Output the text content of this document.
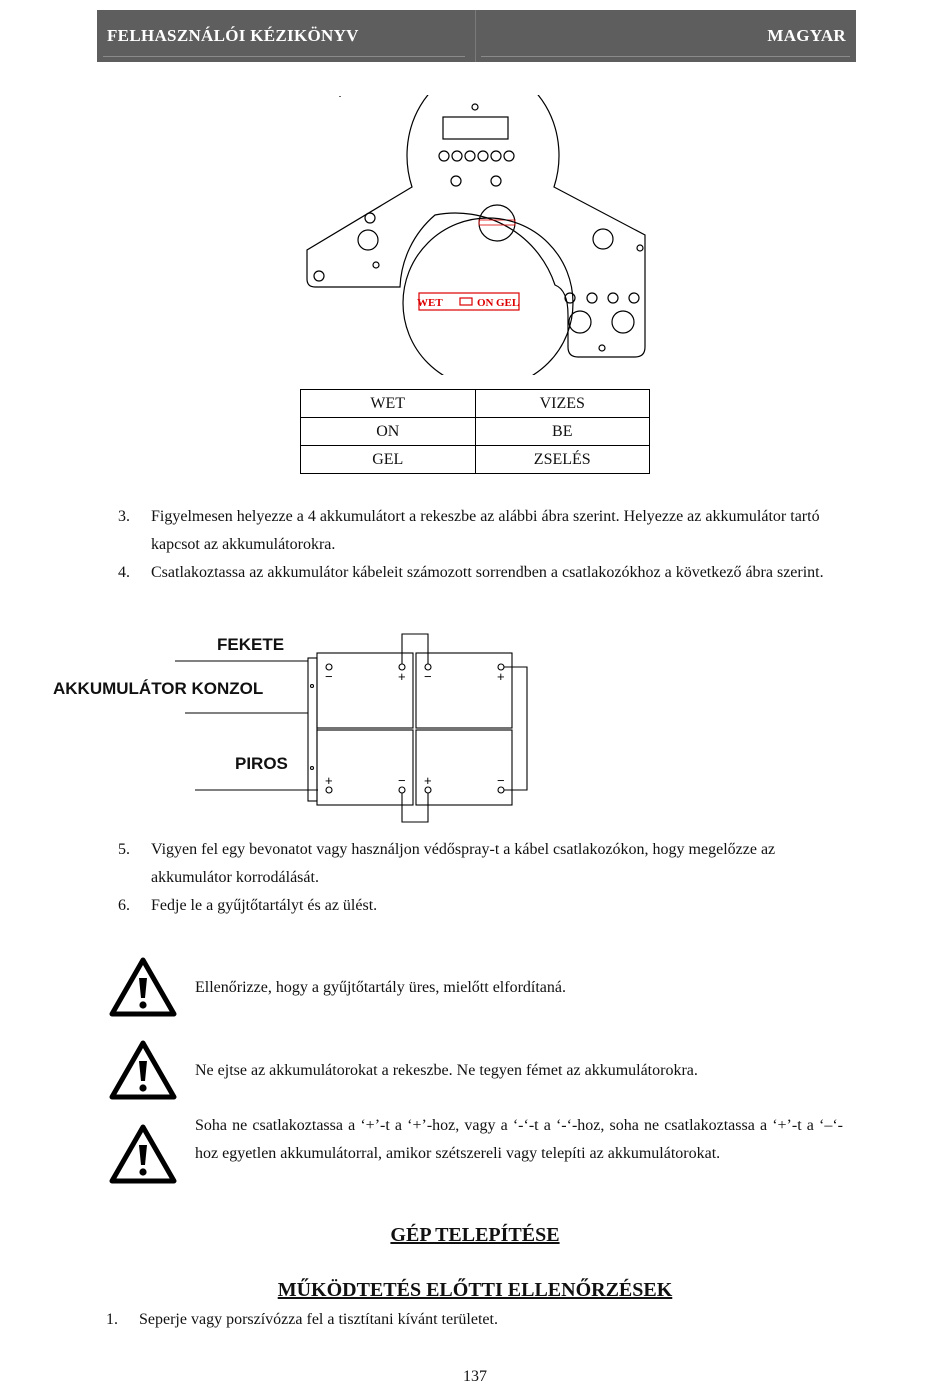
FELHASZNÁLÓI KÉZIKÖNYV	MAGYAR
WET	ON GEL
WET	VIZES
ON	BE
GEL	ZSELÉS
3. Figyelmesen helyezze a 4 akkumulátort a rekeszbe az alábbi ábra szerint. Helyezze az akkumulátor tartó kapcsot az akkumulátorokra.
4. Csatlakoztassa az akkumulátor kábeleit számozott sorrendben a csatlakozókhoz a következő ábra szerint.
FEKETE
AKKUMULÁTOR KONZOL
PIROS
−	+ −	+
+	− +	−
5. Vigyen fel egy bevonatot vagy használjon védőspray-t a kábel csatlakozókon, hogy megelőzze az akkumulátor korrodálását.
6. Fedje le a gyűjtőtartályt és az ülést.
Ellenőrizze, hogy a gyűjtőtartály üres, mielőtt elfordítaná.
Ne ejtse az akkumulátorokat a rekeszbe. Ne tegyen fémet az akkumulátorokra.
Soha ne csatlakoztassa a ‘+’-t a ‘+’-hoz, vagy a ‘-‘-t a ‘-‘-hoz, soha ne csatlakoztassa a ‘+’-t a ‘–‘-hoz egyetlen akkumulátorral, amikor szétszereli vagy telepíti az akkumulátorokat.
GÉP TELEPÍTÉSE
MŰKÖDTETÉS ELŐTTI ELLENŐRZÉSEK
1. Seperje vagy porszívózza fel a tisztítani kívánt területet.
137
